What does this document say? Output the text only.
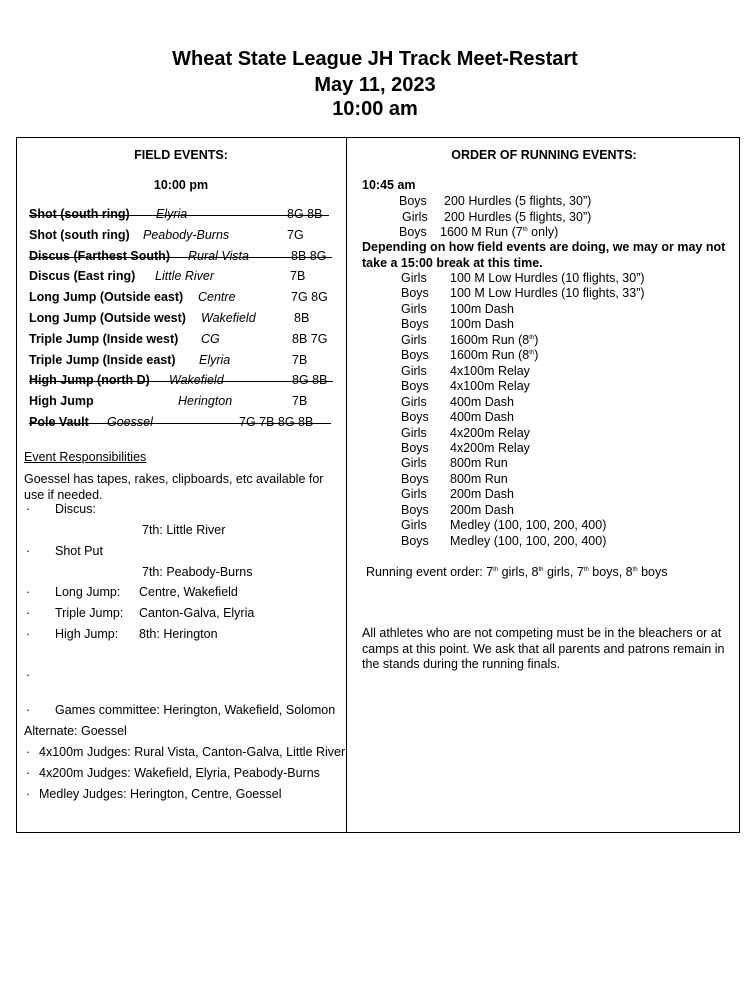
Wheat State League JH Track Meet-Restart
May 11, 2023
10:00 am
FIELD EVENTS:
10:00 pm
Shot (south ring) Elyria	8G 8B
Shot (south ring) Peabody-Burns	7G
Discus (Farthest South) Rural Vista	8B 8G
Discus (East ring) Little River	7B
Long Jump (Outside east) Centre	7G 8G
Long Jump (Outside west) Wakefield	8B
Triple Jump (Inside west) CG	8B 7G
Triple Jump (Inside east) Elyria	7B
High Jump (north D) Wakefield	8G 8B
High Jump	Herington	7B
Pole Vault Goessel	7G 7B 8G 8B
Event Responsibilities
Goessel has tapes, rakes, clipboards, etc available for use if needed.
· Discus:
7th: Little River
· Shot Put
7th: Peabody-Burns
· Long Jump: Centre, Wakefield
· Triple Jump: Canton-Galva, Elyria
· High Jump: 8th: Herington
·
· Games committee: Herington, Wakefield, Solomon
Alternate: Goessel
· 4x100m Judges: Rural Vista, Canton-Galva, Little River
· 4x200m Judges: Wakefield, Elyria, Peabody-Burns
· Medley Judges: Herington, Centre, Goessel
ORDER OF RUNNING EVENTS:
10:45 am
Boys 200 Hurdles (5 flights, 30”)
Girls 200 Hurdles (5 flights, 30”)
Boys 1600 M Run (7th only)
Depending on how field events are doing, we may or may not take a 15:00 break at this time.
Girls 100 M Low Hurdles (10 flights, 30”)
Boys 100 M Low Hurdles (10 flights, 33”)
Girls 100m Dash
Boys 100m Dash
Girls 1600m Run (8th)
Boys 1600m Run (8th)
Girls 4x100m Relay
Boys 4x100m Relay
Girls 400m Dash
Boys 400m Dash
Girls 4x200m Relay
Boys 4x200m Relay
Girls 800m Run
Boys 800m Run
Girls 200m Dash
Boys 200m Dash
Girls Medley (100, 100, 200, 400)
Boys Medley (100, 100, 200, 400)
Running event order: 7th girls, 8th girls, 7th boys, 8th boys
All athletes who are not competing must be in the bleachers or at camps at this point. We ask that all parents and patrons remain in the stands during the running finals.
